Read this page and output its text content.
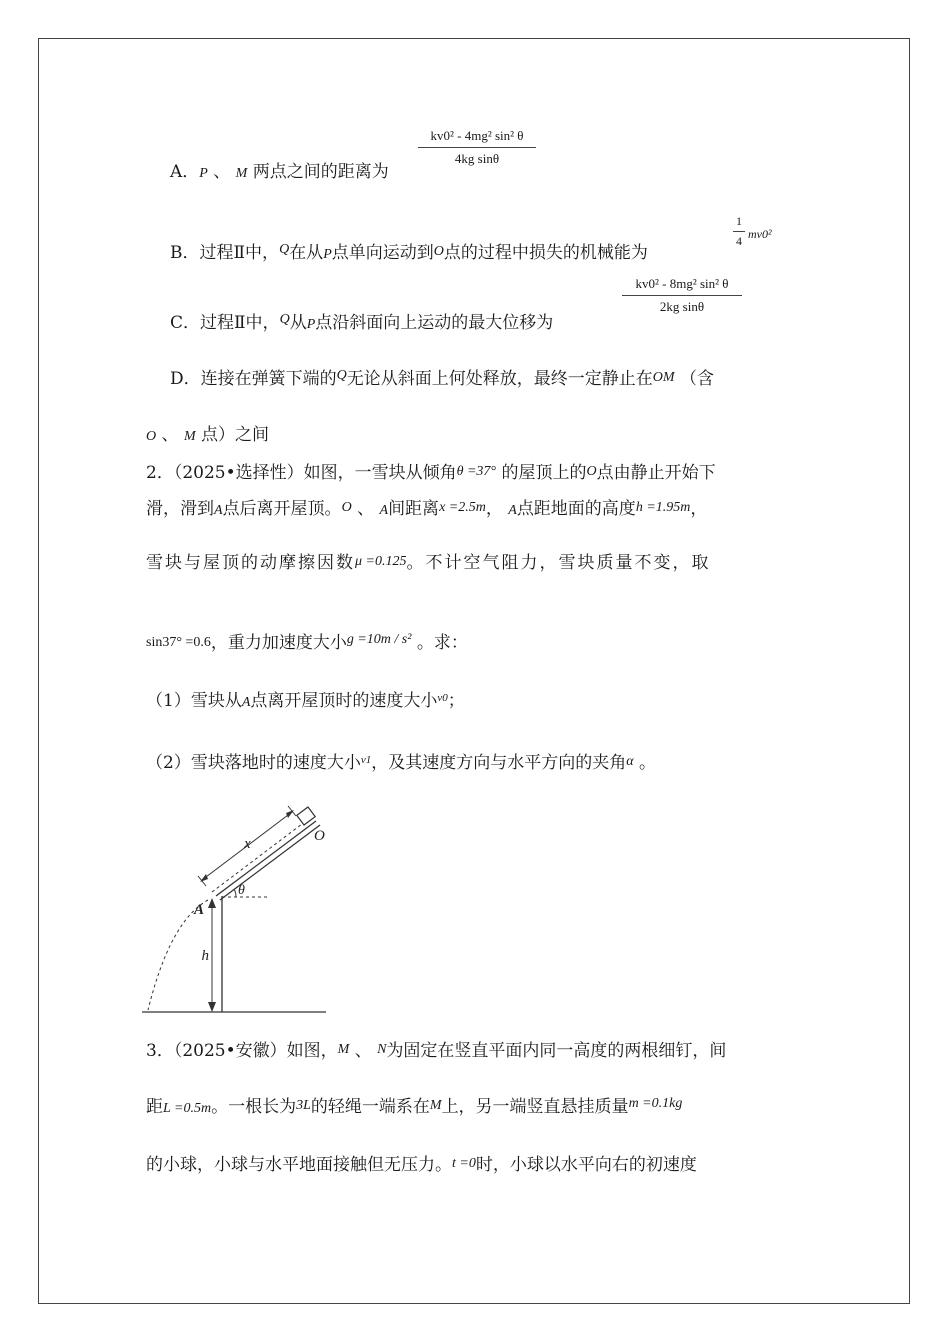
A．P 、 M 两点之间的距离为
kv0² - 4mg² sin² θ
4kg sinθ
B．过程Ⅱ中，$^Q$在从P点单向运动到O点的过程中损失的机械能为
1
4 mv0²
C．过程Ⅱ中，$^Q$从P点沿斜面向上运动的最大位移为
kv0² - 8mg² sin² θ
2kg sinθ
D．连接在弹簧下端的$^Q$无论从斜面上何处释放，最终一定静止在OM （含
O 、 M 点）之间
2．（2025•选择性）如图，一雪块从倾角θ =37° 的屋顶上的O点由静止开始下
滑，滑到A点后离开屋顶。O 、 A间距离x =2.5m， A点距地面的高度h =1.95m，
雪块与屋顶的动摩擦因数μ =0.125。不计空气阻力，雪块质量不变，取
sin37° =0.6，重力加速度大小$^{g =10m / s^2}$ 。求：
（1）雪块从A点离开屋顶时的速度大小$^{v0}$；
（2）雪块落地时的速度大小$^{v1}$，及其速度方向与水平方向的夹角α 。
x	O
θ
A
h
3．（2025•安徽）如图，M 、 N为固定在竖直平面内同一高度的两根细钉，间
距L =0.5m。一根长为3L的轻绳一端系在M上，另一端竖直悬挂质量$^{m =0.1kg}$
的小球，小球与水平地面接触但无压力。t =0时，小球以水平向右的初速度
